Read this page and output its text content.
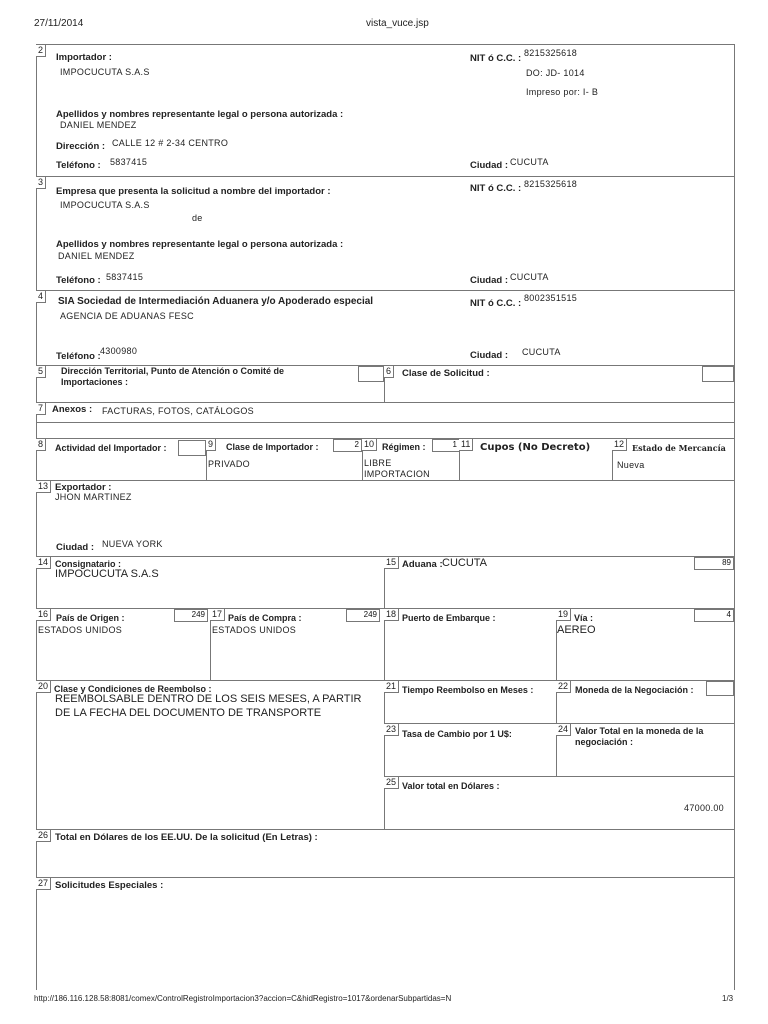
27/11/2014	vista_vuce.jsp
2
Importador :
IMPOCUCUTA S.A.S
NIT ó C.C. : 8215325618
DO: JD- 1014
Impreso por: I- B
Apellidos y nombres representante legal o persona autorizada :
DANIEL MENDEZ
Dirección : CALLE 12 # 2-34 CENTRO
Teléfono : 5837415	Ciudad : CUCUTA
3
Empresa que presenta la solicitud a nombre del importador :
IMPOCUCUTA S.A.S
de
NIT ó C.C. : 8215325618
Apellidos y nombres representante legal o persona autorizada :
DANIEL MENDEZ
Teléfono : 5837415	Ciudad : CUCUTA
4	SIA Sociedad de Intermediación Aduanera y/o Apoderado especial
AGENCIA DE ADUANAS FESC
NIT ó C.C. : 8002351515
Teléfono : 4300980	Ciudad : CUCUTA
5	Dirección Territorial, Punto de Atención o Comité de
Importaciones :
6	Clase de Solicitud :
7 Anexos : FACTURAS, FOTOS, CATÁLOGOS
8	Actividad del Importador :	9	Clase de Importador :	2
PRIVADO
10 Régimen :	1
LIBRE
IMPORTACION
11 Cupos (No Decreto)	12 Estado de Mercancía
Nueva
13 Exportador :
JHON MARTINEZ
Ciudad : NUEVA YORK
14 Consignatario :
IMPOCUCUTA S.A.S
15 Aduana : CUCUTA	89
16 País de Origen :	249
ESTADOS UNIDOS
17 País de Compra :	249
ESTADOS UNIDOS
18 Puerto de Embarque :	19 Vía :	4
AEREO
20 Clase y Condiciones de Reembolso :
REEMBOLSABLE DENTRO DE LOS SEIS MESES, A PARTIR
DE LA FECHA DEL DOCUMENTO DE TRANSPORTE
21 Tiempo Reembolso en Meses :	22 Moneda de la Negociación :
23 Tasa de Cambio por 1 U$:	24 Valor Total en la moneda de la
negociación :
25 Valor total en Dólares :
47000.00
26 Total en Dólares de los EE.UU. De la solicitud (En Letras) :
27 Solicitudes Especiales :
http://186.116.128.58:8081/comex/ControlRegistroImportacion3?accion=C&hidRegistro=1017&ordenarSubpartidas=N	1/3
